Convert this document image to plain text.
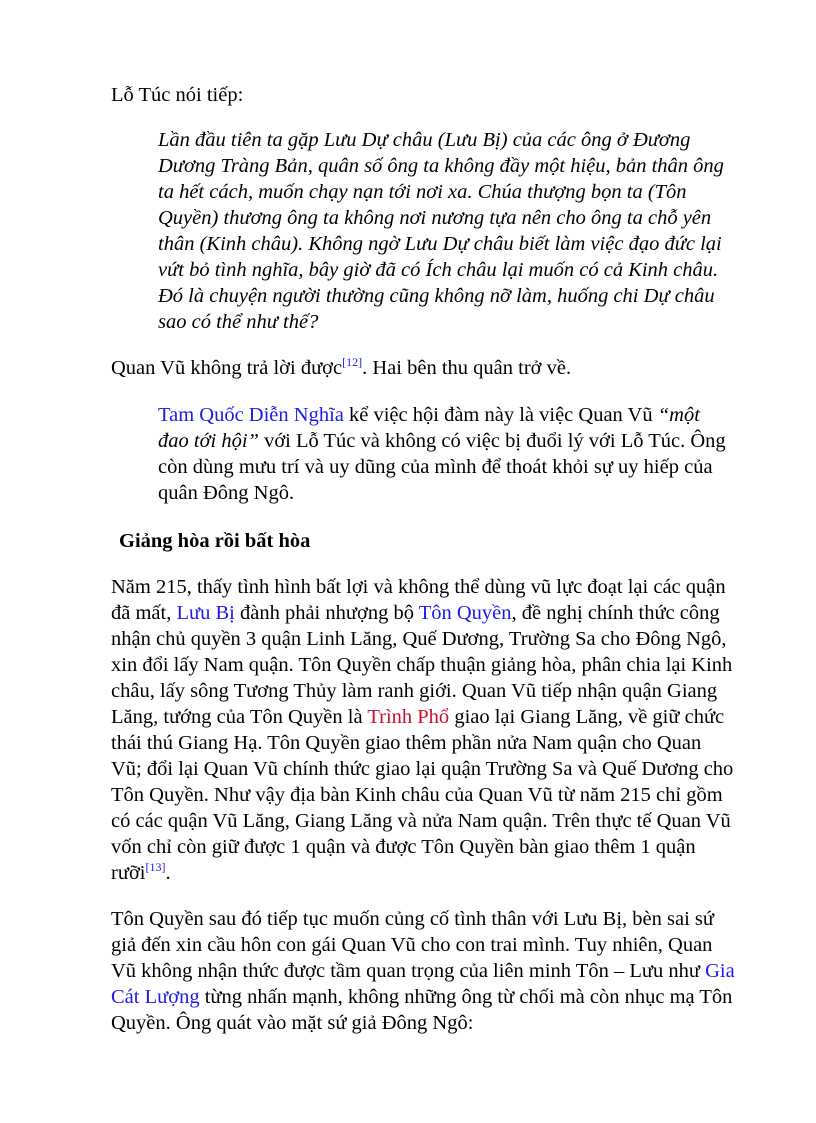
Lỗ Túc nói tiếp:

Lần đầu tiên ta gặp Lưu Dự châu (Lưu Bị) của các ông ở Đương
Dương Tràng Bản, quân số ông ta không đầy một hiệu, bản thân ông
ta hết cách, muốn chạy nạn tới nơi xa. Chúa thượng bọn ta (Tôn
Quyền) thương ông ta không nơi nương tựa nên cho ông ta chỗ yên
thân (Kinh châu). Không ngờ Lưu Dự châu biết làm việc đạo đức lại
vứt bỏ tình nghĩa, bây giờ đã có Ích châu lại muốn có cả Kinh châu.
Đó là chuyện người thường cũng không nỡ làm, huống chi Dự châu
sao có thể như thế?

Quan Vũ không trả lời được[12]. Hai bên thu quân trở về.

Tam Quốc Diễn Nghĩa kể việc hội đàm này là việc Quan Vũ “một
đao tới hội” với Lỗ Túc và không có việc bị đuổi lý với Lỗ Túc. Ông
còn dùng mưu trí và uy dũng của mình để thoát khỏi sự uy hiếp của
quân Đông Ngô.
Giảng hòa rồi bất hòa
Năm 215, thấy tình hình bất lợi và không thể dùng vũ lực đoạt lại các quận
đã mất, Lưu Bị đành phải nhượng bộ Tôn Quyền, đề nghị chính thức công
nhận chủ quyền 3 quận Linh Lăng, Quế Dương, Trường Sa cho Đông Ngô,
xin đổi lấy Nam quận. Tôn Quyền chấp thuận giảng hòa, phân chia lại Kinh
châu, lấy sông Tương Thủy làm ranh giới. Quan Vũ tiếp nhận quận Giang
Lăng, tướng của Tôn Quyền là Trình Phổ giao lại Giang Lăng, về giữ chức
thái thú Giang Hạ. Tôn Quyền giao thêm phần nửa Nam quận cho Quan
Vũ; đổi lại Quan Vũ chính thức giao lại quận Trường Sa và Quế Dương cho
Tôn Quyền. Như vậy địa bàn Kinh châu của Quan Vũ từ năm 215 chỉ gồm
có các quận Vũ Lăng, Giang Lăng và nửa Nam quận. Trên thực tế Quan Vũ
vốn chỉ còn giữ được 1 quận và được Tôn Quyền bàn giao thêm 1 quận
rưỡi[13].
Tôn Quyền sau đó tiếp tục muốn củng cố tình thân với Lưu Bị, bèn sai sứ
giả đến xin cầu hôn con gái Quan Vũ cho con trai mình. Tuy nhiên, Quan
Vũ không nhận thức được tầm quan trọng của liên minh Tôn – Lưu như Gia
Cát Lượng từng nhấn mạnh, không những ông từ chối mà còn nhục mạ Tôn
Quyền. Ông quát vào mặt sứ giả Đông Ngô:
